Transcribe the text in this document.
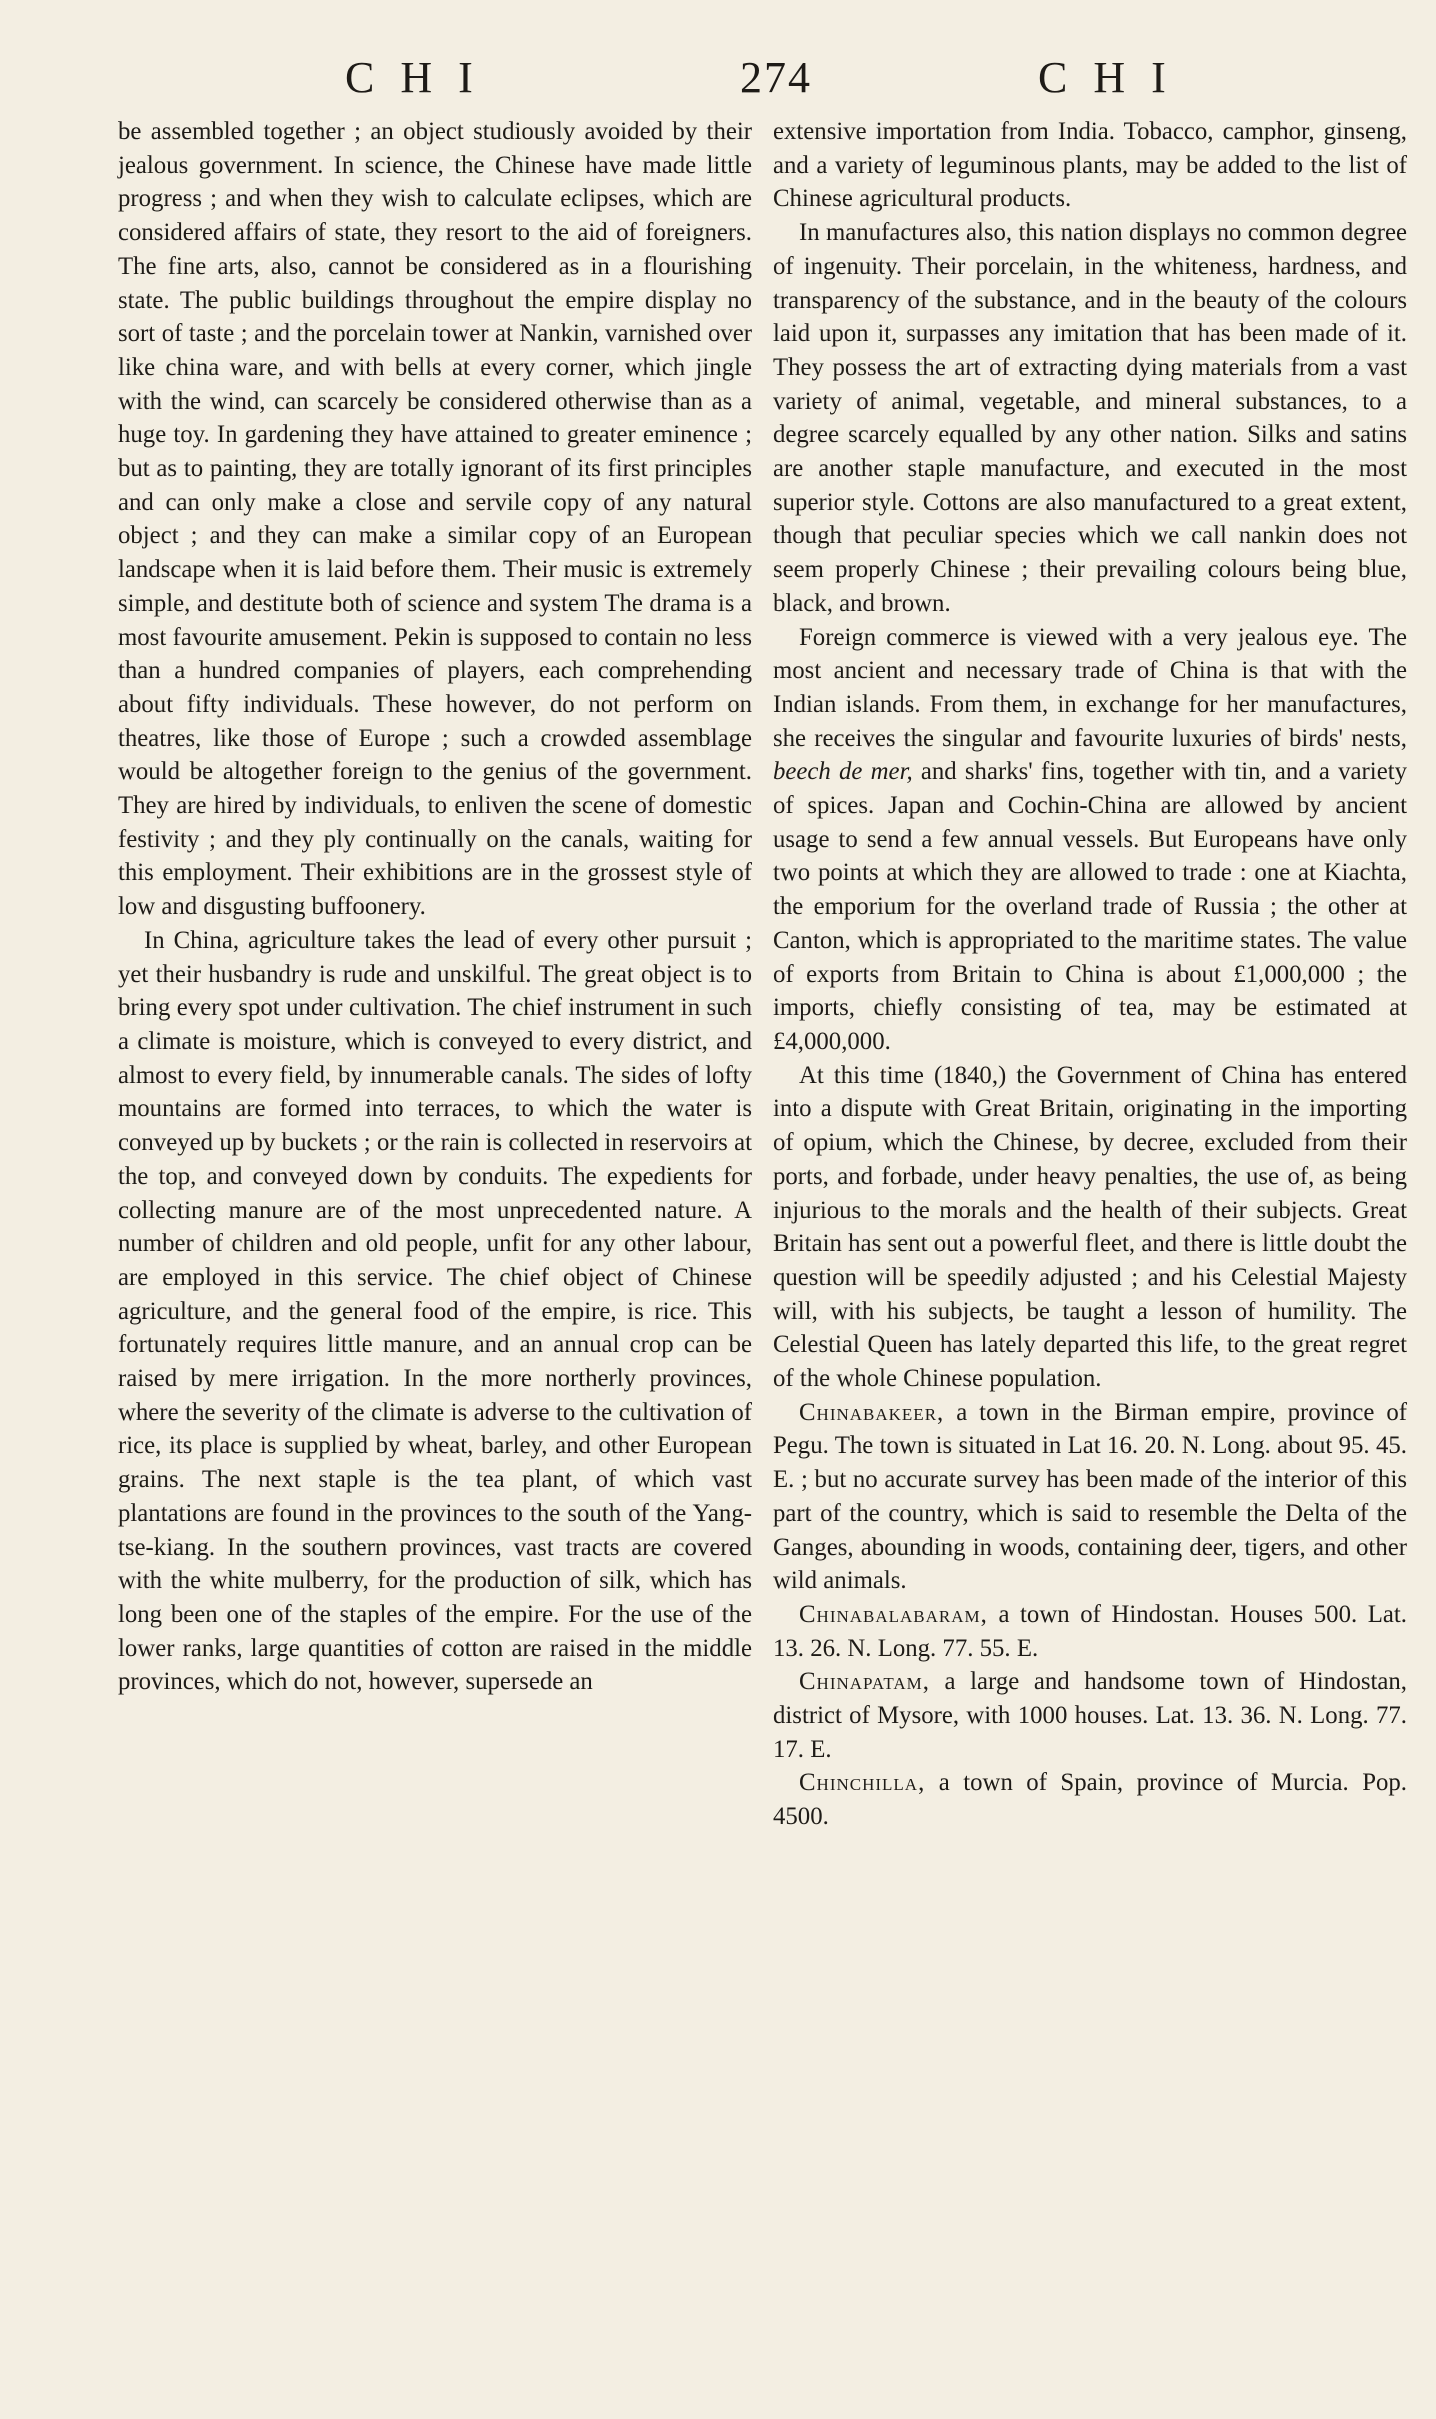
CHI	274	CHI

be assembled together ; an object studiously avoided by their jealous government. In science, the Chinese have made little progress ; and when they wish to calculate eclipses, which are considered affairs of state, they resort to the aid of foreigners. The fine arts, also, cannot be considered as in a flourishing state. The public buildings throughout the empire display no sort of taste ; and the porcelain tower at Nankin, varnished over like china ware, and with bells at every corner, which jingle with the wind, can scarcely be considered otherwise than as a huge toy. In gardening they have attained to greater eminence ; but as to painting, they are totally ignorant of its first principles and can only make a close and servile copy of any natural object ; and they can make a similar copy of an European landscape when it is laid before them. Their music is extremely simple, and destitute both of science and system The drama is a most favourite amusement. Pekin is supposed to contain no less than a hundred companies of players, each comprehending about fifty individuals. These however, do not perform on theatres, like those of Europe ; such a crowded assemblage would be altogether foreign to the genius of the government. They are hired by individuals, to enliven the scene of domestic festivity ; and they ply continually on the canals, waiting for this employment. Their exhibitions are in the grossest style of low and disgusting buffoonery.

In China, agriculture takes the lead of every other pursuit ; yet their husbandry is rude and unskilful. The great object is to bring every spot under cultivation. The chief instrument in such a climate is moisture, which is conveyed to every district, and almost to every field, by innumerable canals. The sides of lofty mountains are formed into terraces, to which the water is conveyed up by buckets ; or the rain is collected in reservoirs at the top, and conveyed down by conduits. The expedients for collecting manure are of the most unprecedented nature. A number of children and old people, unfit for any other labour, are employed in this service. The chief object of Chinese agriculture, and the general food of the empire, is rice. This fortunately requires little manure, and an annual crop can be raised by mere irrigation. In the more northerly provinces, where the severity of the climate is adverse to the cultivation of rice, its place is supplied by wheat, barley, and other European grains. The next staple is the tea plant, of which vast plantations are found in the provinces to the south of the Yang-tse-kiang. In the southern provinces, vast tracts are covered with the white mulberry, for the production of silk, which has long been one of the staples of the empire. For the use of the lower ranks, large quantities of cotton are raised in the middle provinces, which do not, however, supersede an

extensive importation from India. Tobacco, camphor, ginseng, and a variety of leguminous plants, may be added to the list of Chinese agricultural products.

In manufactures also, this nation displays no common degree of ingenuity. Their porcelain, in the whiteness, hardness, and transparency of the substance, and in the beauty of the colours laid upon it, surpasses any imitation that has been made of it. They possess the art of extracting dying materials from a vast variety of animal, vegetable, and mineral substances, to a degree scarcely equalled by any other nation. Silks and satins are another staple manufacture, and executed in the most superior style. Cottons are also manufactured to a great extent, though that peculiar species which we call nankin does not seem properly Chinese ; their prevailing colours being blue, black, and brown.

Foreign commerce is viewed with a very jealous eye. The most ancient and necessary trade of China is that with the Indian islands. From them, in exchange for her manufactures, she receives the singular and favourite luxuries of birds' nests, beech de mer, and sharks' fins, together with tin, and a variety of spices. Japan and Cochin-China are allowed by ancient usage to send a few annual vessels. But Europeans have only two points at which they are allowed to trade : one at Kiachta, the emporium for the overland trade of Russia ; the other at Canton, which is appropriated to the maritime states. The value of exports from Britain to China is about £1,000,000 ; the imports, chiefly consisting of tea, may be estimated at £4,000,000.

At this time (1840,) the Government of China has entered into a dispute with Great Britain, originating in the importing of opium, which the Chinese, by decree, excluded from their ports, and forbade, under heavy penalties, the use of, as being injurious to the morals and the health of their subjects. Great Britain has sent out a powerful fleet, and there is little doubt the question will be speedily adjusted ; and his Celestial Majesty will, with his subjects, be taught a lesson of humility. The Celestial Queen has lately departed this life, to the great regret of the whole Chinese population.

Chinabakeer, a town in the Birman empire, province of Pegu. The town is situated in Lat 16. 20. N. Long. about 95. 45. E. ; but no accurate survey has been made of the interior of this part of the country, which is said to resemble the Delta of the Ganges, abounding in woods, containing deer, tigers, and other wild animals.

Chinabalabaram, a town of Hindostan. Houses 500. Lat. 13. 26. N. Long. 77. 55. E.

Chinapatam, a large and handsome town of Hindostan, district of Mysore, with 1000 houses. Lat. 13. 36. N. Long. 77. 17. E.

Chinchilla, a town of Spain, province of Murcia. Pop. 4500.
